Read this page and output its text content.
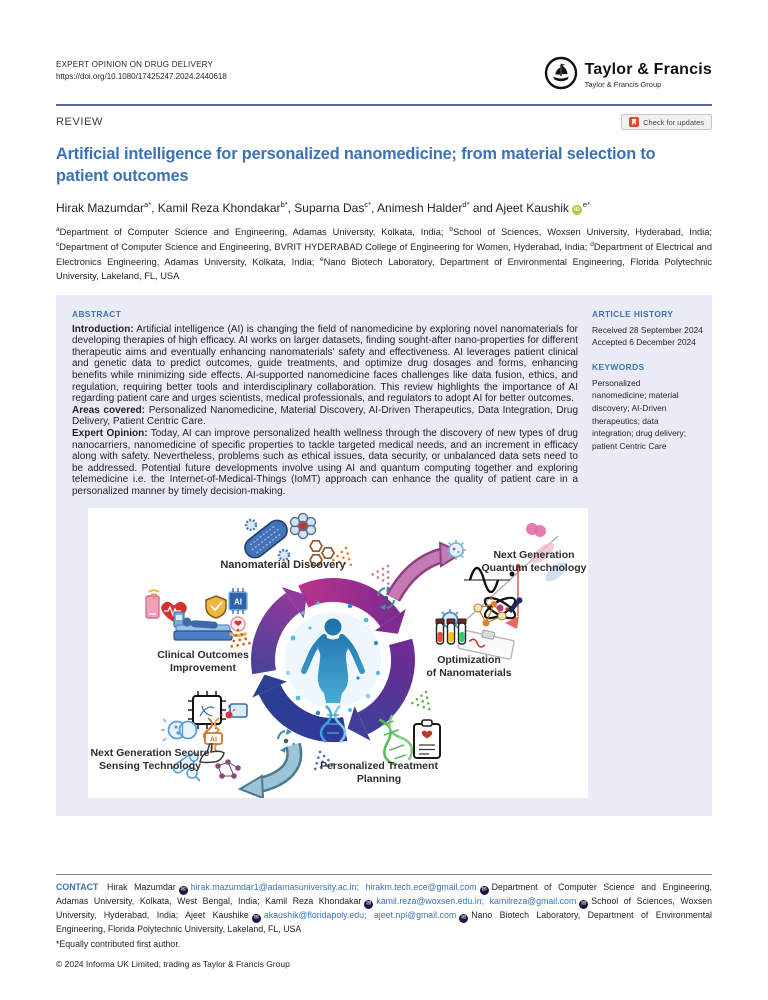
EXPERT OPINION ON DRUG DELIVERY
https://doi.org/10.1080/17425247.2024.2440618	Taylor & Francis
Taylor & Francis Group
REVIEW	Check for updates
Artificial intelligence for personalized nanomedicine; from material selection to patient outcomes

Hirak Mazumdar$^{a*}$, Kamil Reza Khondakar$^{b*}$, Suparna Das$^{c*}$, Animesh Halder$^{d*}$ and Ajeet Kaushik $iD^{e*}$

$^a$Department of Computer Science and Engineering, Adamas University, Kolkata, India; $^b$School of Sciences, Woxsen University, Hyderabad, India; $^c$Department of Computer Science and Engineering, BVRIT HYDERABAD College of Engineering for Women, Hyderabad, India; $^d$Department of Electrical and Electronics Engineering, Adamas University, Kolkata, India; $^e$Nano Biotech Laboratory, Department of Environmental Engineering, Florida Polytechnic University, Lakeland, FL, USA

ABSTRACT

Introduction: Artificial intelligence (AI) is changing the field of nanomedicine by exploring novel nanomaterials for developing therapies of high efficacy. AI works on larger datasets, finding sought-after nano-properties for different therapeutic aims and eventually enhancing nanomaterials’ safety and effectiveness. AI leverages patient clinical and genetic data to predict outcomes, guide treatments, and optimize drug dosages and forms, enhancing benefits while minimizing side effects. AI-supported nanomedicine faces challenges like data fusion, ethics, and regulation, requiring better tools and interdisciplinary collaboration. This review highlights the importance of AI regarding patient care and urges scientists, medical professionals, and regulators to adopt AI for better outcomes.

Areas covered: Personalized Nanomedicine, Material Discovery, AI-Driven Therapeutics, Data Integration, Drug Delivery, Patient Centric Care.

Expert Opinion: Today, AI can improve personalized health wellness through the discovery of new types of drug nanocarriers, nanomedicine of specific properties to tackle targeted medical needs, and an increment in efficacy along with safety. Nevertheless, problems such as ethical issues, data security, or unbalanced data sets need to be addressed. Potential future developments involve using AI and quantum computing together and exploring telemedicine i.e. the Internet-of-Medical-Things (IoMT) approach can enhance the quality of patient care in a personalized manner by timely decision-making.

ARTICLE HISTORY
Received 28 September 2024
Accepted 6 December 2024
KEYWORDS
Personalized nanomedicine; material discovery; AI-Driven therapeutics; data integration; drug delivery; patient Centric Care
AI
AI
Nanomaterial Discovery
Next Generation
Quantum technology
Clinical Outcomes
Improvement
Optimization
of Nanomaterials
Personalized Treatment
Planning
Next Generation Secure
Sensing Technology

CONTACT Hirak Mazumdar ✉ hirak.mazumdar1@adamasuniversity.ac.in; hirakm.tech.ece@gmail.com ✉ Department of Computer Science and Engineering, Adamas University, Kolkata, West Bengal, India; Kamil Reza Khondakar ✉ kamil.reza@woxsen.edu.in; kamilreza@gmail.com ✉ School of Sciences, Woxsen University, Hyderabad, India; Ajeet Kaushike ✉ akaushik@floridapoly.edu; ajeet.npl@gmail.com ✉ Nano Biotech Laboratory, Department of Environmental Engineering, Florida Polytechnic University, Lakeland, FL, USA

*Equally contributed first author.

© 2024 Informa UK Limited, trading as Taylor & Francis Group
